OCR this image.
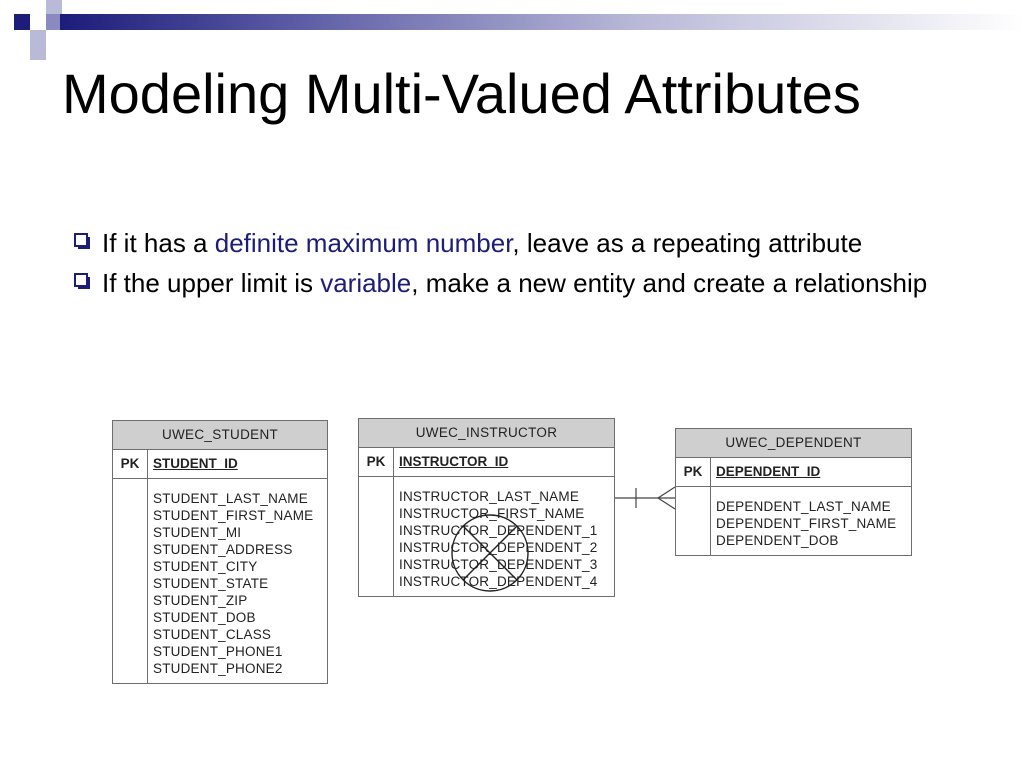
Modeling Multi-Valued Attributes
If it has a definite maximum number, leave as a repeating attribute
If the upper limit is variable, make a new entity and create a relationship
UWEC_STUDENT
PK	STUDENT_ID
STUDENT_LAST_NAME
STUDENT_FIRST_NAME
STUDENT_MI
STUDENT_ADDRESS
STUDENT_CITY
STUDENT_STATE
STUDENT_ZIP
STUDENT_DOB
STUDENT_CLASS
STUDENT_PHONE1
STUDENT_PHONE2
UWEC_INSTRUCTOR
PK	INSTRUCTOR_ID
INSTRUCTOR_LAST_NAME
INSTRUCTOR_FIRST_NAME
INSTRUCTOR_DEPENDENT_1
INSTRUCTOR_DEPENDENT_2
INSTRUCTOR_DEPENDENT_3
INSTRUCTOR_DEPENDENT_4
UWEC_DEPENDENT
PK	DEPENDENT_ID
DEPENDENT_LAST_NAME
DEPENDENT_FIRST_NAME
DEPENDENT_DOB
